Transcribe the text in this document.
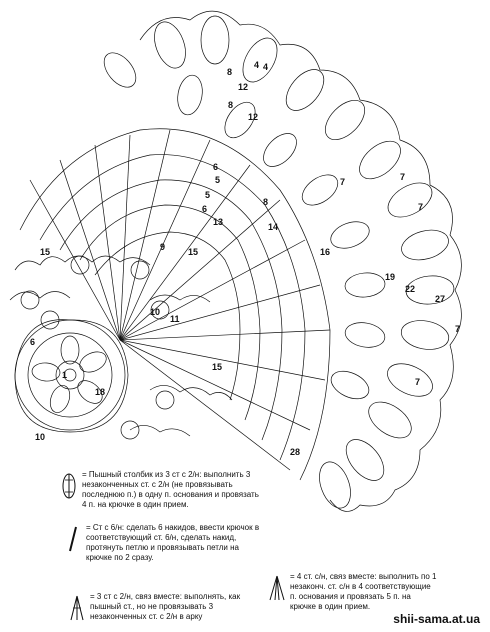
4 4
8
12
8
12
6
5
5
6
7	7
8	7
15	15
9
10
11
15
13	14
16
19
22
27
7
7
28
6
10
1
18
= Пышный столбик из 3 ст с 2/н: выполнить 3 незаконченных ст. с 2/н (не провязывать последнюю п.) в одну п. основания и провязать 4 п. на крючке в один прием.
= Ст с 6/н: сделать 6 накидов, ввести крючок в соответствующий ст. 6/н, сделать накид, протянуть петлю и провязывать петли на крючке по 2 сразу.
= 4 ст. с/н, связ вместе: выполнить по 1 незаконч. ст. с/н в 4 соответствующие п. основания и провязать 5 п. на крючке в один прием.
= 3 ст с 2/н, связ вместе: выполнять, как пышный ст., но не провязывать 3 незаконченных ст. с 2/н в арку	shii-sama.at.ua
